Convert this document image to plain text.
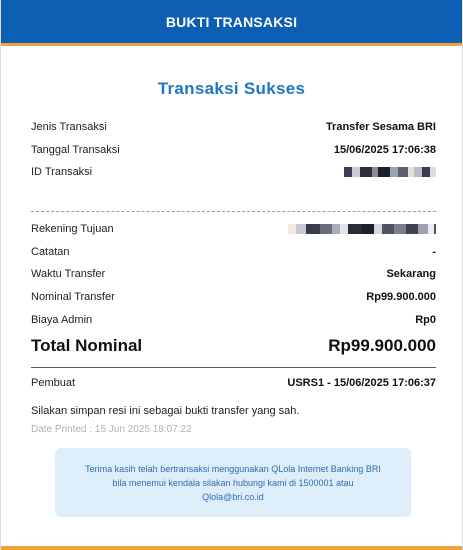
BUKTI TRANSAKSI
Transaksi Sukses
Jenis Transaksi	Transfer Sesama BRI
Tanggal Transaksi	15/06/2025 17:06:38
ID Transaksi
Rekening Tujuan
Catatan	-
Waktu Transfer	Sekarang
Nominal Transfer	Rp99.900.000
Biaya Admin	Rp0
Total Nominal	Rp99.900.000
Pembuat	USRS1 - 15/06/2025 17:06:37
Silakan simpan resi ini sebagai bukti transfer yang sah.
Date Printed : 15 Jun 2025 18:07:22
Terima kasih telah bertransaksi menggunakan QLola Internet Banking BRI
bila menemui kendala silakan hubungi kami di 1500001 atau
Qlola@bri.co.id
